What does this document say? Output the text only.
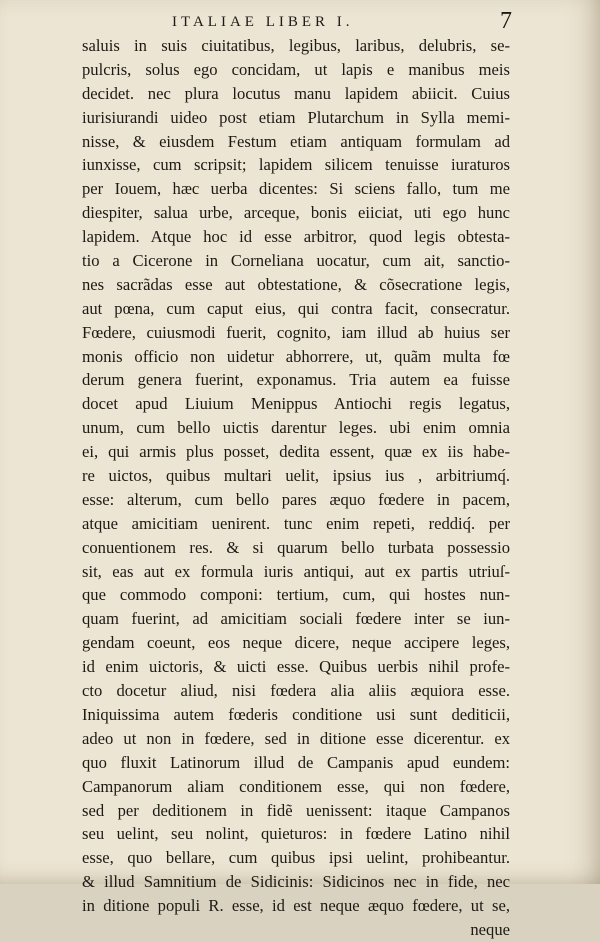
ITALIAE LIBER I.	7
saluis in suis ciuitatibus, legibus, laribus, delubris, se-
pulcris, solus ego concidam, ut lapis e manibus meis
decidet. nec plura locutus manu lapidem abiicit. Cuius
iurisiurandi uideo post etiam Plutarchum in Sylla memi-
nisse, & eiusdem Festum etiam antiquam formulam ad
iunxisse, cum scripsit; lapidem silicem tenuisse iuraturos
per Iouem, hæc uerba dicentes: Si sciens fallo, tum me
diespiter, salua urbe, arceque, bonis eiiciat, uti ego hunc
lapidem. Atque hoc id esse arbitror, quod legis obtesta-
tio a Cicerone in Corneliana uocatur, cum ait, sanctio-
nes sacrãdas esse aut obtestatione, & cõsecratione legis,
aut pœna, cum caput eius, qui contra facit, consecratur.
Fœdere, cuiusmodi fuerit, cognito, iam illud ab huius ser
monis officio non uidetur abhorrere, ut, quãm multa fœ
derum genera fuerint, exponamus. Tria autem ea fuisse
docet apud Liuium Menippus Antiochi regis legatus,
unum, cum bello uictis darentur leges. ubi enim omnia
ei, qui armis plus posset, dedita essent, quæ ex iis habe-
re uictos, quibus multari uelit, ipsius ius , arbitriumq́.
esse: alterum, cum bello pares æquo fœdere in pacem,
atque amicitiam uenirent. tunc enim repeti, reddiq́. per
conuentionem res. & si quarum bello turbata possessio
sit, eas aut ex formula iuris antiqui, aut ex partis utriuſ-
que commodo componi: tertium, cum, qui hostes nun-
quam fuerint, ad amicitiam sociali fœdere inter se iun-
gendam coeunt, eos neque dicere, neque accipere leges,
id enim uictoris, & uicti esse. Quibus uerbis nihil profe-
cto docetur aliud, nisi fœdera alia aliis æquiora esse.
Iniquissima autem fœderis conditione usi sunt dediticii,
adeo ut non in fœdere, sed in ditione esse dicerentur. ex
quo fluxit Latinorum illud de Campanis apud eundem:
Campanorum aliam conditionem esse, qui non fœdere,
sed per deditionem in fidẽ uenissent: itaque Campanos
seu uelint, seu nolint, quieturos: in fœdere Latino nihil
esse, quo bellare, cum quibus ipsi uelint, prohibeantur.
& illud Samnitium de Sidicinis: Sidicinos nec in fide, nec
in ditione populi R. esse, id est neque æquo fœdere, ut se,
neque
